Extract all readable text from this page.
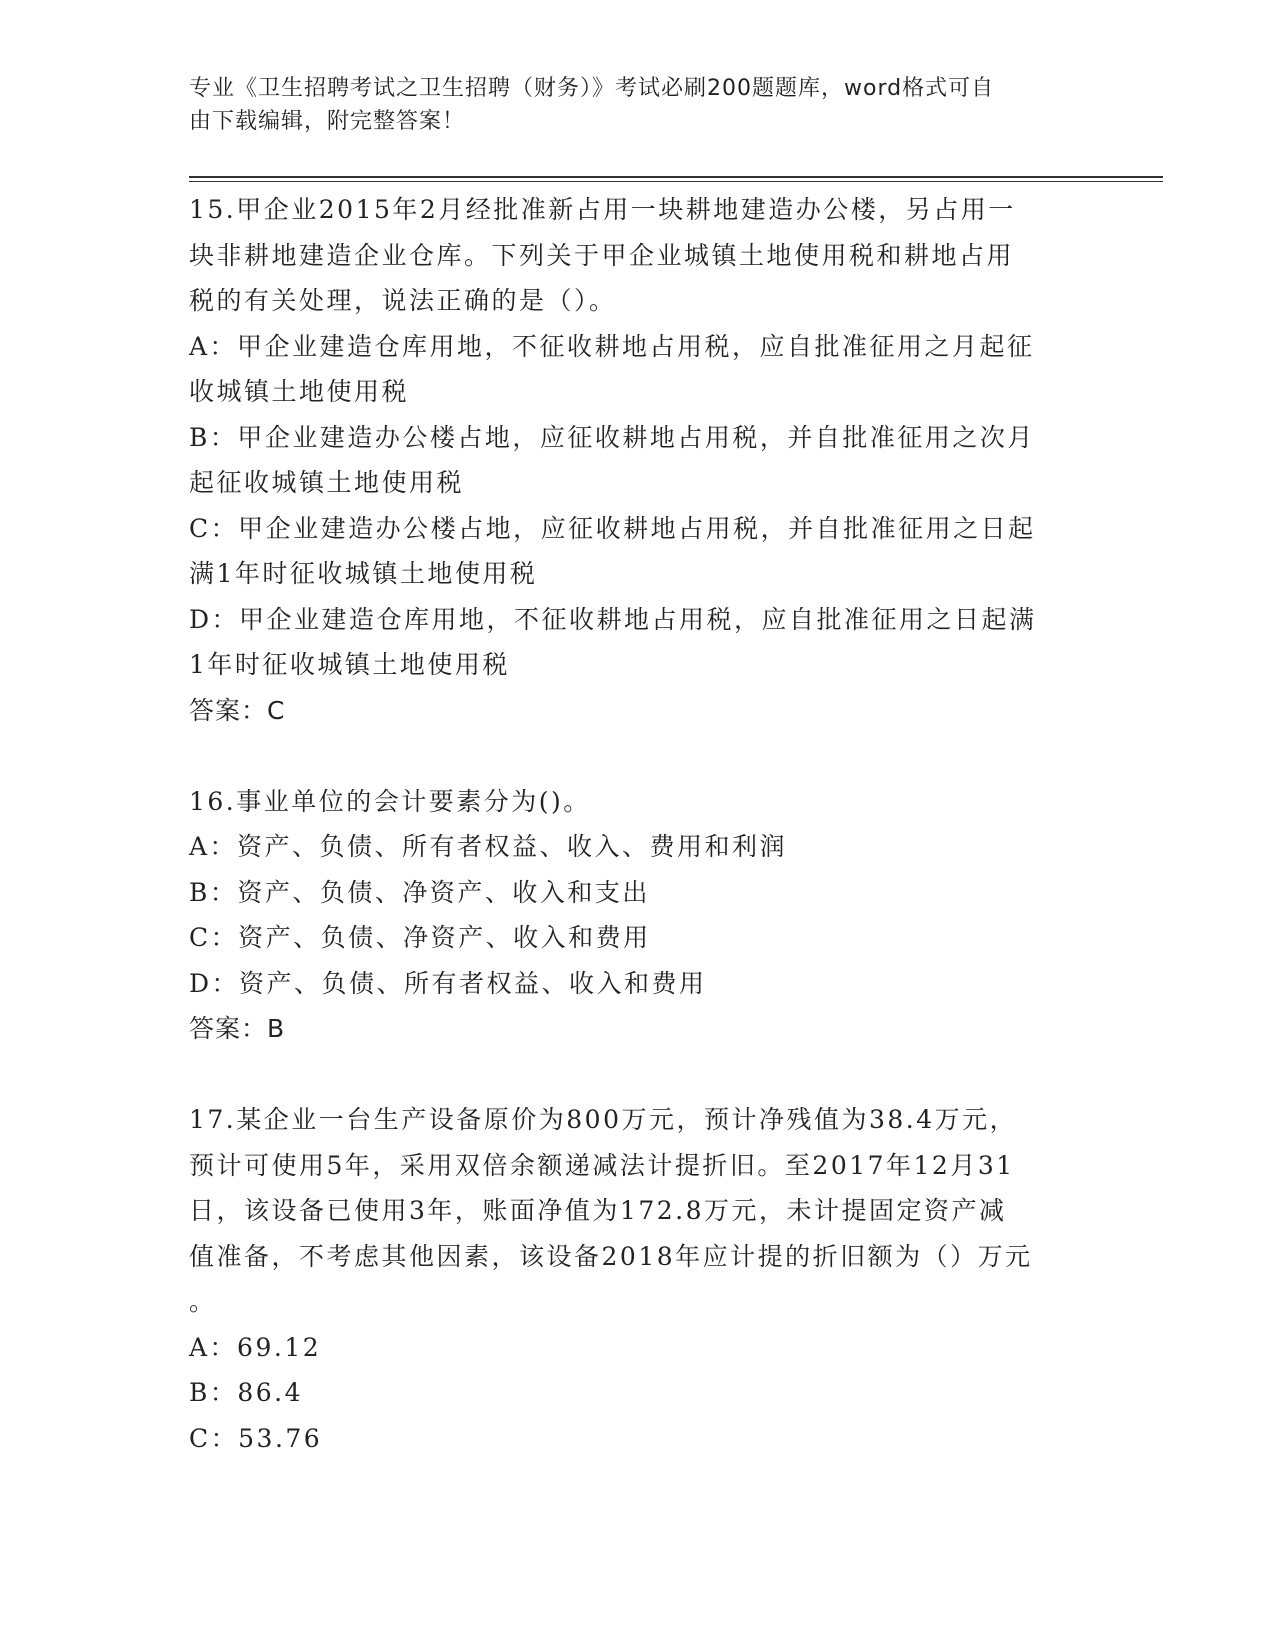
专业《卫生招聘考试之卫生招聘（财务）》考试必刷200题题库，word格式可自
由下载编辑，附完整答案！
15.甲企业2015年2月经批准新占用一块耕地建造办公楼，另占用一
块非耕地建造企业仓库。下列关于甲企业城镇土地使用税和耕地占用
税的有关处理，说法正确的是（）。
A：甲企业建造仓库用地，不征收耕地占用税，应自批准征用之月起征
收城镇土地使用税
B：甲企业建造办公楼占地，应征收耕地占用税，并自批准征用之次月
起征收城镇土地使用税
C：甲企业建造办公楼占地，应征收耕地占用税，并自批准征用之日起
满1年时征收城镇土地使用税
D：甲企业建造仓库用地，不征收耕地占用税，应自批准征用之日起满
1年时征收城镇土地使用税
答案：C
16.事业单位的会计要素分为()。
A：资产、负债、所有者权益、收入、费用和利润
B：资产、负债、净资产、收入和支出
C：资产、负债、净资产、收入和费用
D：资产、负债、所有者权益、收入和费用
答案：B
17.某企业一台生产设备原价为800万元，预计净残值为38.4万元，
预计可使用5年，采用双倍余额递减法计提折旧。至2017年12月31
日，该设备已使用3年，账面净值为172.8万元，未计提固定资产减
值准备，不考虑其他因素，该设备2018年应计提的折旧额为（）万元
。
A：69.12
B：86.4
C：53.76
